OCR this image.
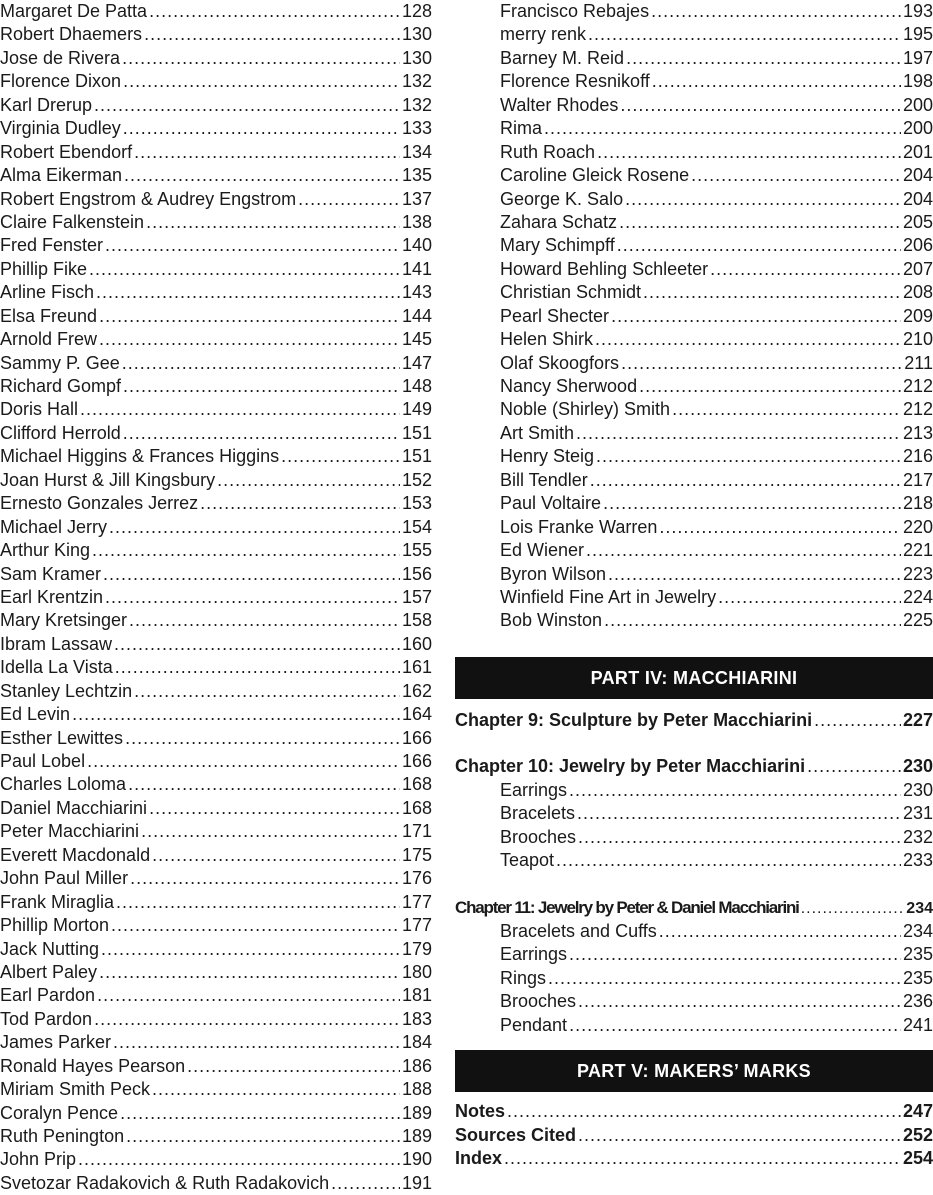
Margaret De Patta .....	128
Robert Dhaemers .....	130
Jose de Rivera .....	130
Florence Dixon .....	132
Karl Drerup .....	132
Virginia Dudley .....	133
Robert Ebendorf .....	134
Alma Eikerman .....	135
Robert Engstrom & Audrey Engstrom .....	137
Claire Falkenstein .....	138
Fred Fenster .....	140
Phillip Fike .....	141
Arline Fisch .....	143
Elsa Freund .....	144
Arnold Frew .....	145
Sammy P. Gee .....	147
Richard Gompf .....	148
Doris Hall .....	149
Clifford Herrold .....	151
Michael Higgins & Frances Higgins .....	151
Joan Hurst & Jill Kingsbury .....	152
Ernesto Gonzales Jerrez .....	153
Michael Jerry .....	154
Arthur King .....	155
Sam Kramer .....	156
Earl Krentzin .....	157
Mary Kretsinger .....	158
Ibram Lassaw .....	160
Idella La Vista .....	161
Stanley Lechtzin .....	162
Ed Levin .....	164
Esther Lewittes .....	166
Paul Lobel .....	166
Charles Loloma .....	168
Daniel Macchiarini .....	168
Peter Macchiarini .....	171
Everett Macdonald .....	175
John Paul Miller .....	176
Frank Miraglia .....	177
Phillip Morton .....	177
Jack Nutting .....	179
Albert Paley .....	180
Earl Pardon .....	181
Tod Pardon .....	183
James Parker .....	184
Ronald Hayes Pearson .....	186
Miriam Smith Peck .....	188
Coralyn Pence .....	189
Ruth Penington .....	189
John Prip .....	190
Svetozar Radakovich & Ruth Radakovich .....	191
Francisco Rebajes .....	193
merry renk .....	195
Barney M. Reid .....	197
Florence Resnikoff .....	198
Walter Rhodes .....	200
Rima .....	200
Ruth Roach .....	201
Caroline Gleick Rosene .....	204
George K. Salo .....	204
Zahara Schatz .....	205
Mary Schimpff .....	206
Howard Behling Schleeter .....	207
Christian Schmidt .....	208
Pearl Shecter .....	209
Helen Shirk .....	210
Olaf Skoogfors .....	211
Nancy Sherwood .....	212
Noble (Shirley) Smith .....	212
Art Smith .....	213
Henry Steig .....	216
Bill Tendler .....	217
Paul Voltaire .....	218
Lois Franke Warren .....	220
Ed Wiener .....	221
Byron Wilson .....	223
Winfield Fine Art in Jewelry .....	224
Bob Winston .....	225
PART IV: MACCHIARINI
Chapter 9: Sculpture by Peter Macchiarini .....	227
Chapter 10: Jewelry by Peter Macchiarini .....	230
Earrings .....	230
Bracelets .....	231
Brooches .....	232
Teapot .....	233
Chapter 11: Jewelry by Peter & Daniel Macchiarini .....	234
Bracelets and Cuffs .....	234
Earrings .....	235
Rings .....	235
Brooches .....	236
Pendant .....	241
PART V: MAKERS’ MARKS
Notes .....	247
Sources Cited .....	252
Index .....	254
